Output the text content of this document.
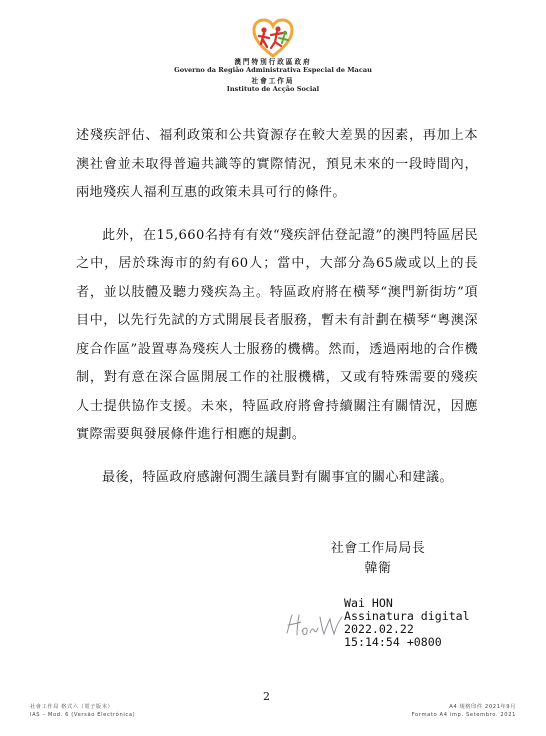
澳門特別行政區政府
Governo da Região Administrativa Especial de Macau
社會工作局
Instituto de Acção Social

述殘疾評估、福利政策和公共資源存在較大差異的因素，再加上本澳社會並未取得普遍共識等的實際情況，預見未來的一段時間內，兩地殘疾人福利互惠的政策未具可行的條件。

此外，在15,660名持有有效“殘疾評估登記證”的澳門特區居民之中，居於珠海市的約有60人；當中，大部分為65歲或以上的長者，並以肢體及聽力殘疾為主。特區政府將在橫琴“澳門新街坊”項目中，以先行先試的方式開展長者服務，暫未有計劃在橫琴“粵澳深度合作區”設置專為殘疾人士服務的機構。然而，透過兩地的合作機制，對有意在深合區開展工作的社服機構，又或有特殊需要的殘疾人士提供協作支援。未來，特區政府將會持續關注有關情況，因應實際需要與發展條件進行相應的規劃。

最後，特區政府感謝何潤生議員對有關事宜的關心和建議。

社會工作局局長
韓衛
Wai HON
Assinatura digital
2022.02.22
15:14:54 +0800
2
社會工作局 格式六（電子版本）
IAS – Mod. 6 (Versão Electrónica)
A4 規格印件 2021年9月
Formato A4 imp. Setembro. 2021
